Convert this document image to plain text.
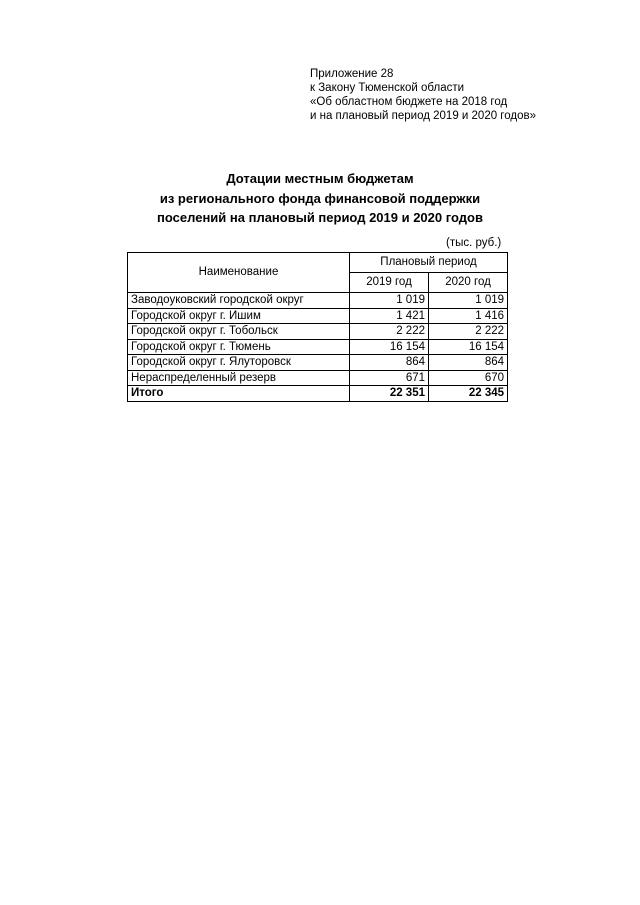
Приложение 28
к Закону Тюменской области
«Об областном бюджете на 2018 год
и на плановый период 2019 и 2020 годов»
Дотации местным бюджетам
из регионального фонда финансовой поддержки
поселений на плановый период 2019 и 2020 годов
(тыс. руб.)
Наименование	Плановый период	
	2019 год	2020 год
Заводоуковский городской округ	1 019	1 019
Городской округ г. Ишим	1 421	1 416
Городской округ г. Тобольск	2 222	2 222
Городской округ г. Тюмень	16 154	16 154
Городской округ г. Ялуторовск	864	864
Нераспределенный резерв	671	670
Итого	22 351	22 345
